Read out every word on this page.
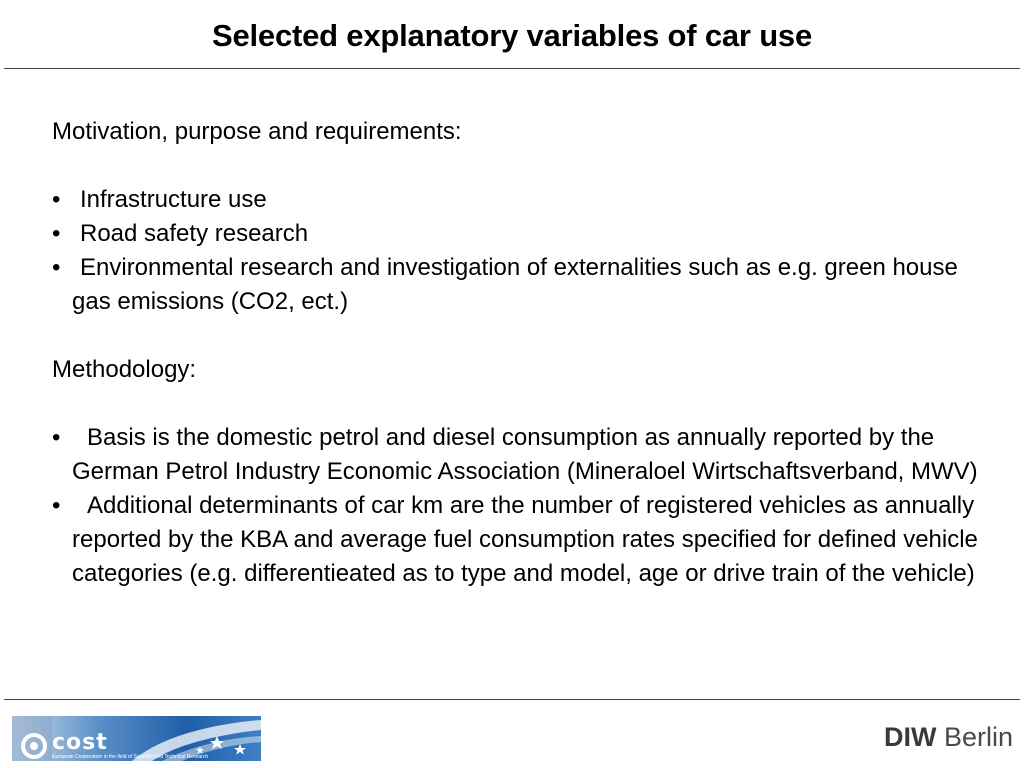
Selected explanatory variables of car use

Motivation, purpose and requirements:

• Infrastructure use
• Road safety research
• Environmental research and investigation of externalities such as e.g. green house gas emissions (CO2, ect.)

Methodology:

• Basis is the domestic petrol and diesel consumption as annually reported by the German Petrol Industry Economic Association (Mineraloel Wirtschaftsverband, MWV)
• Additional determinants of car km are the number of registered vehicles as annually reported by the KBA and average fuel consumption rates specified for defined vehicle categories (e.g. differentieated as to type and model, age or drive train of the vehicle)
cost
European Cooperation in the field of Scientific and Technical Research
DIW Berlin
